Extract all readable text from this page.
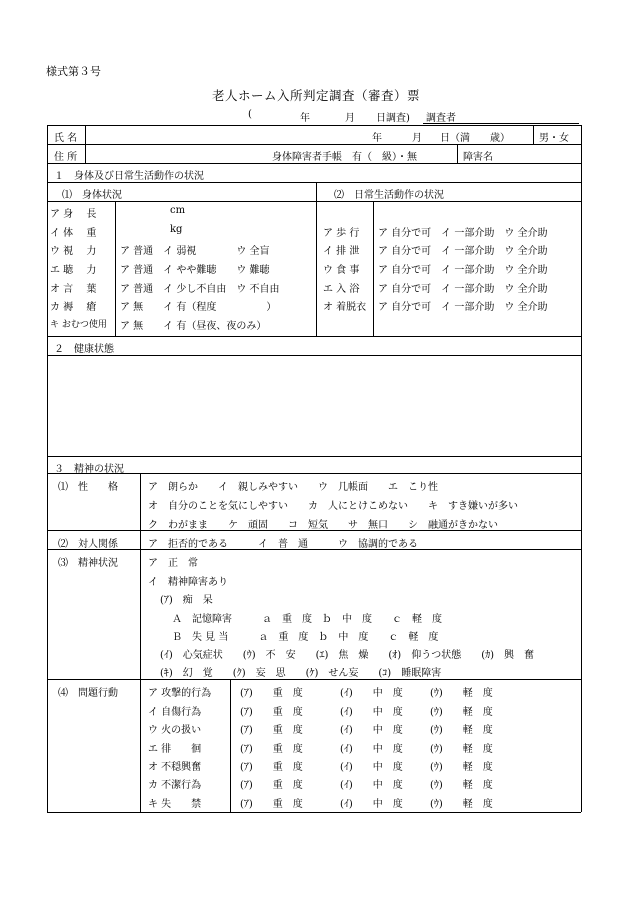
様式第３号
老人ホーム入所判定調査（審査）票
(	年	月 日調査) 調査者
氏 名	年	月 日（満　　歳）	男・女
住 所	身体障害者手帳　有（　級）・無	障害名
１　身体及び日常生活動作の状況
⑴　身体状況	⑵　日常生活動作の状況
ア 身 　長	cm
イ 体 　重	kg
ウ 視 　力 ア 普通　イ 弱視　　　　ウ 全盲
エ 聴 　力 ア 普通　イ やや難聴　　ウ 難聴
オ 言 　葉 ア 普通　イ 少し不自由　ウ 不自由
カ 褥 　瘡 ア 無　　イ 有（程度　　　　　）
キ おむつ使用 ア 無　　イ 有（昼夜、夜のみ）
ア 歩 行 ア 自分で可　イ 一部介助　ウ 全介助
イ 排 泄 ア 自分で可　イ 一部介助　ウ 全介助
ウ 食 事 ア 自分で可　イ 一部介助　ウ 全介助
エ 入 浴 ア 自分で可　イ 一部介助　ウ 全介助
オ 着脱衣 ア 自分で可　イ 一部介助　ウ 全介助
２　健康状態
３　精神の状況
⑴　性　　格	ア　朗らか　　イ　親しみやすい　　ウ　几帳面　　エ　こり性
オ　自分のことを気にしやすい　　カ　人にとけこめない　　キ　すき嫌いが多い
ク　わがまま　　ケ　頑固　　コ　短気　　サ　無口　　シ　融通がきかない
⑵　対人関係	ア　拒否的である　　　イ　普　通　　　ウ　協調的である
⑶　精神状況	ア　正　常
イ　精神障害あり
(ｱ)　痴　呆
Ａ　記憶障害　　　ａ　重　度　ｂ　中　度　　ｃ　軽　度
Ｂ　失 見 当　　　ａ　重　度　ｂ　中　度　　ｃ　軽　度
(ｲ)　心気症状　　(ｳ)　不　安　　(ｴ)　焦　燥　　(ｵ)　仰うつ状態　　(ｶ)　興　奮
(ｷ)　幻　覚　　(ｸ)　妄　思　　(ｹ)　せん妄　　(ｺ)　睡眠障害
⑷　問題行動	ア 攻撃的行為	(ｱ)　　重　度	(ｲ)　　中　度	(ｳ)　　軽　度
イ 自傷行為	(ｱ)　　重　度	(ｲ)　　中　度	(ｳ)　　軽　度
ウ 火の扱い	(ｱ)　　重　度	(ｲ)　　中　度	(ｳ)　　軽　度
エ 徘　　徊	(ｱ)　　重　度	(ｲ)　　中　度	(ｳ)　　軽　度
オ 不穏興奮	(ｱ)　　重　度	(ｲ)　　中　度	(ｳ)　　軽　度
カ 不潔行為	(ｱ)　　重　度	(ｲ)　　中　度	(ｳ)　　軽　度
キ 失　　禁	(ｱ)　　重　度	(ｲ)　　中　度	(ｳ)　　軽　度
